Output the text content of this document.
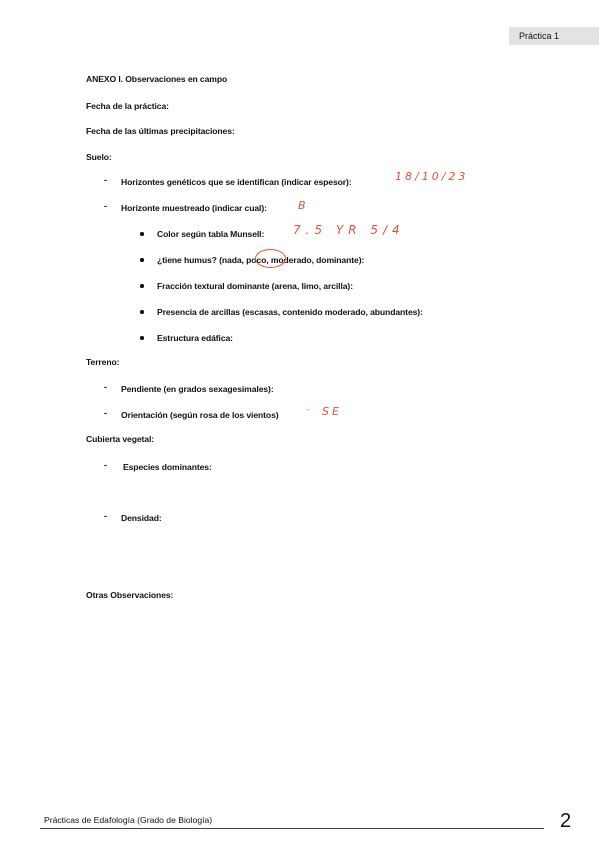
Práctica 1
ANEXO I. Observaciones en campo
Fecha de la práctica:
Fecha de las últimas precipitaciones:
Suelo:
- Horizontes genéticos que se identifican (indicar espesor):	18/10/23
- Horizonte muestreado (indicar cual):	B
Color según tabla Munsell: 7.5 YR 5/4
¿tiene humus? (nada, poco, moderado, dominante):
Fracción textural dominante (arena, limo, arcilla):
Presencia de arcillas (escasas, contenido moderado, abundantes):
Estructura edáfica:
Terreno:
- Pendiente (en grados sexagesimales):
- Orientación (según rosa de los vientos)	- SE
Cubierta vegetal:
- Especies dominantes:
- Densidad:
Otras Observaciones:
Prácticas de Edafología (Grado de Biología)	2
